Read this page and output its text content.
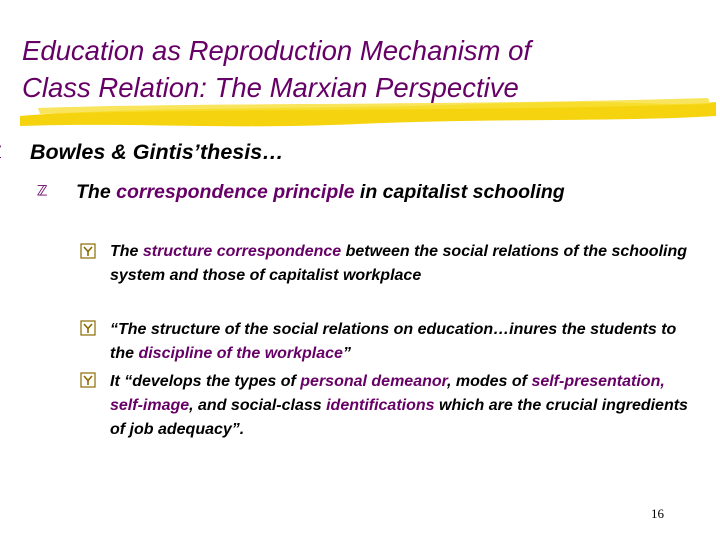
Education as Reproduction Mechanism of
Class Relation: The Marxian Perspective
Bowles & Gintis’thesis…
ℤ The correspondence principle in capitalist schooling
The structure correspondence between the social relations of the schooling system and those of capitalist workplace
“The structure of the social relations on education…inures the students to the discipline of the workplace”
It “develops the types of personal demeanor, modes of self-presentation, self-image, and social-class identifications which are the crucial ingredients of job adequacy”.
16
